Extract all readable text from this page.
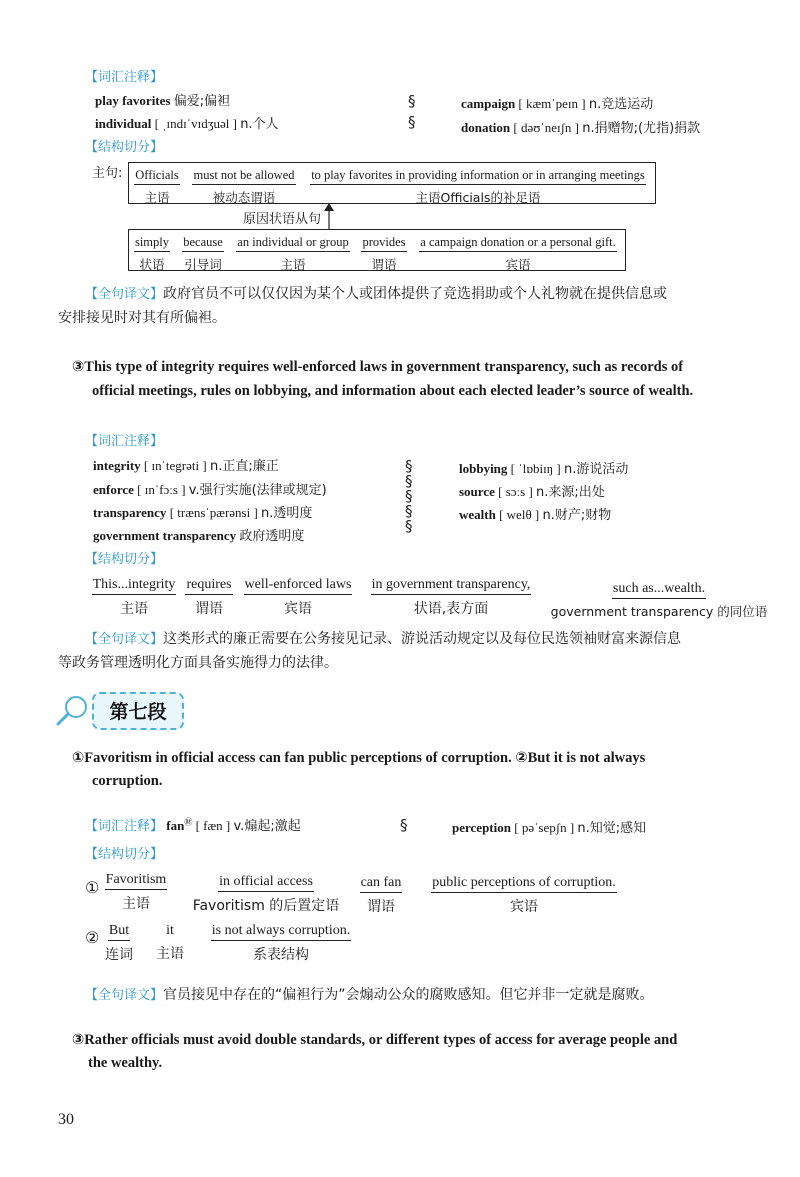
【词汇注释】
play favorites 偏爱;偏袒
individual [ ˌɪndɪˈvɪdʒuəl ] n.个人
§
§
campaign [ kæmˈpeɪn ] n.竞选运动
donation [ dəʊˈneɪʃn ] n.捐赠物;(尤指)捐款
【结构切分】
主句: Officials
主语
must not be allowed
被动态谓语
to play favorites in providing information or in arranging meetings
主语Officials的补足语
原因状语从句
simply
状语
because
引导词
an individual or group
主语
provides
谓语
a campaign donation or a personal gift.
宾语
【全句译文】政府官员不可以仅仅因为某个人或团体提供了竞选捐助或个人礼物就在提供信息或
安排接见时对其有所偏袒。
③This type of integrity requires well-enforced laws in government transparency, such as records of
official meetings, rules on lobbying, and information about each elected leader’s source of wealth.
【词汇注释】
integrity [ ɪnˈtegrəti ] n.正直;廉正
enforce [ ɪnˈfɔːs ] v.强行实施(法律或规定)
transparency [ trænsˈpærənsi ] n.透明度
government transparency 政府透明度
§
§
§
§
§
lobbying [ ˈlɒbiɪŋ ] n.游说活动
source [ sɔːs ] n.来源;出处
wealth [ welθ ] n.财产;财物
【结构切分】
This...integrity
主语
requires
谓语
well-enforced laws
宾语
in government transparency,
状语,表方面
such as...wealth.
government transparency 的同位语
【全句译文】这类形式的廉正需要在公务接见记录、游说活动规定以及每位民选领袖财富来源信息
等政务管理透明化方面具备实施得力的法律。
第七段
①Favoritism in official access can fan public perceptions of corruption. ②But it is not always
corruption.
【词汇注释】 fan㊖ [ fæn ] v.煽起;激起	§	perception [ pəˈsepʃn ] n.知觉;感知
【结构切分】
① Favoritism
主语
in official access
Favoritism 的后置定语
can fan
谓语
public perceptions of corruption.
宾语
② But
连词
it
主语
is not always corruption.
系表结构
【全句译文】官员接见中存在的“偏袒行为”会煽动公众的腐败感知。但它并非一定就是腐败。
③Rather officials must avoid double standards, or different types of access for average people and
the wealthy.
30
